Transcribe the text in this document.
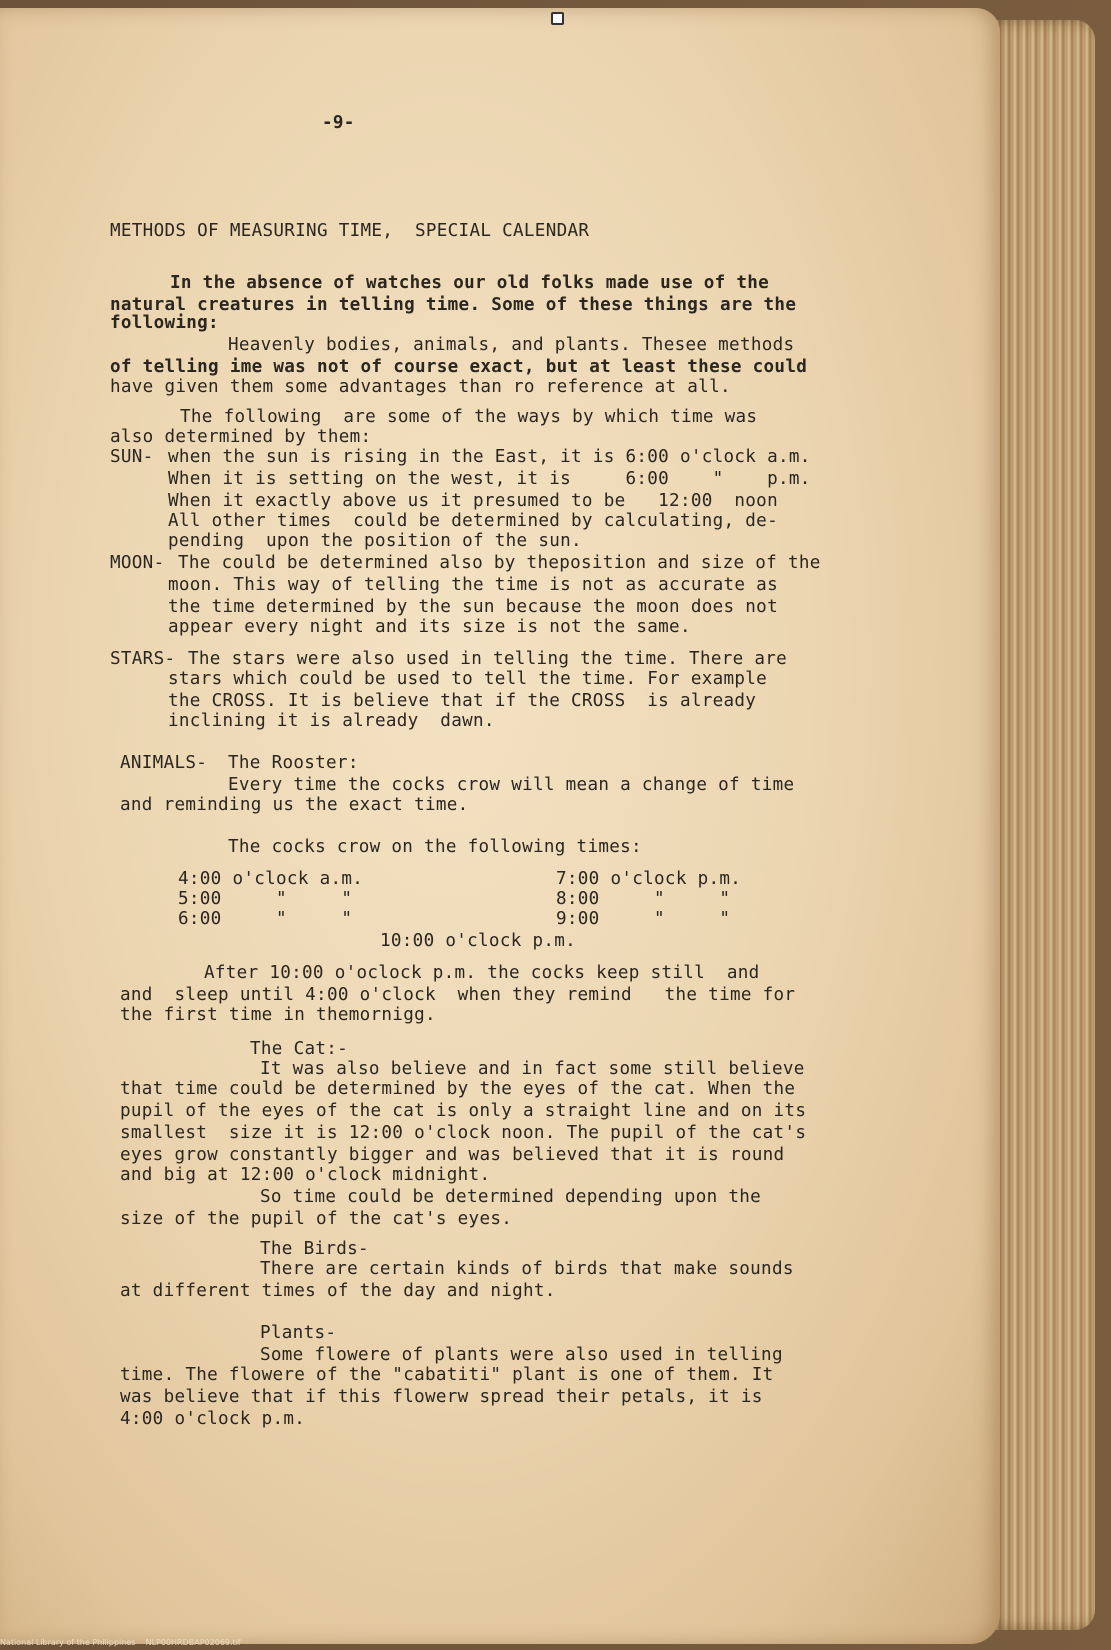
-9-
METHODS OF MEASURING TIME,  SPECIAL CALENDAR
In the absence of watches our old folks made use of the
natural creatures in telling time. Some of these things are the
following:
Heavenly bodies, animals, and plants. Thesee methods
of telling ime was not of course exact, but at least these could
have given them some advantages than ro reference at all.
The following  are some of the ways by which time was
also determined by them:
SUN- when the sun is rising in the East, it is 6:00 o'clock a.m.
When it is setting on the west, it is     6:00    "    p.m.
When it exactly above us it presumed to be   12:00  noon
All other times  could be determined by calculating, de-
pending  upon the position of the sun.
MOON- The could be determined also by theposition and size of the
moon. This way of telling the time is not as accurate as
the time determined by the sun because the moon does not
appear every night and its size is not the same.
STARS- The stars were also used in telling the time. There are
stars which could be used to tell the time. For example
the CROSS. It is believe that if the CROSS  is already
inclining it is already  dawn.
ANIMALS- The Rooster:
Every time the cocks crow will mean a change of time
and reminding us the exact time.
The cocks crow on the following times:
4:00 o'clock a.m.
5:00     "     "
6:00     "     "
7:00 o'clock p.m.
8:00     "     "
9:00     "     "
10:00 o'clock p.m.
After 10:00 o'oclock p.m. the cocks keep still  and
and  sleep until 4:00 o'clock  when they remind   the time for
the first time in themornigg.
The Cat:-
It was also believe and in fact some still believe
that time could be determined by the eyes of the cat. When the
pupil of the eyes of the cat is only a straight line and on its
smallest  size it is 12:00 o'clock noon. The pupil of the cat's
eyes grow constantly bigger and was believed that it is round
and big at 12:00 o'clock midnight.
So time could be determined depending upon the
size of the pupil of the cat's eyes.
The Birds-
There are certain kinds of birds that make sounds
at different times of the day and night.
Plants-
Some flowere of plants were also used in telling
time. The flowere of the "cabatiti" plant is one of them. It
was believe that if this flowerw spread their petals, it is
4:00 o'clock p.m.
National Library of the Philippines    NLP00HRDBAP02069.tif
